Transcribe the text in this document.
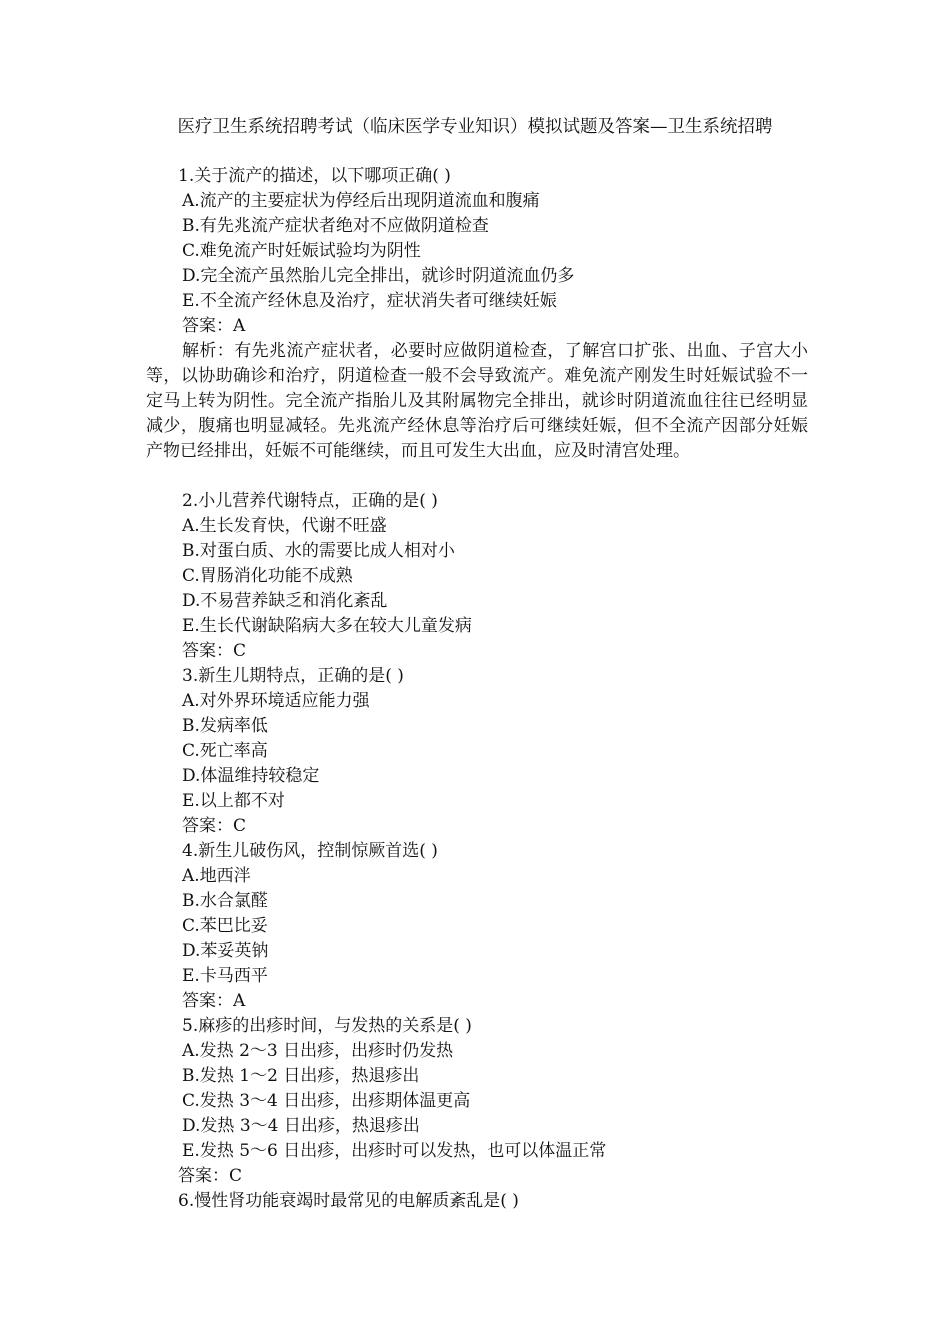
医疗卫生系统招聘考试（临床医学专业知识）模拟试题及答案—卫生系统招聘
1.关于流产的描述，以下哪项正确( )
A.流产的主要症状为停经后出现阴道流血和腹痛
B.有先兆流产症状者绝对不应做阴道检查
C.难免流产时妊娠试验均为阴性
D.完全流产虽然胎儿完全排出，就诊时阴道流血仍多
E.不全流产经休息及治疗，症状消失者可继续妊娠
答案：A
解析：有先兆流产症状者，必要时应做阴道检查，了解宫口扩张、出血、子宫大小等，以协助确诊和治疗，阴道检查一般不会导致流产。难免流产刚发生时妊娠试验不一定马上转为阴性。完全流产指胎儿及其附属物完全排出，就诊时阴道流血往往已经明显减少，腹痛也明显减轻。先兆流产经休息等治疗后可继续妊娠，但不全流产因部分妊娠产物已经排出，妊娠不可能继续，而且可发生大出血，应及时清宫处理。
2.小儿营养代谢特点，正确的是( )
A.生长发育快，代谢不旺盛
B.对蛋白质、水的需要比成人相对小
C.胃肠消化功能不成熟
D.不易营养缺乏和消化紊乱
E.生长代谢缺陷病大多在较大儿童发病
答案：C
3.新生儿期特点，正确的是( )
A.对外界环境适应能力强
B.发病率低
C.死亡率高
D.体温维持较稳定
E.以上都不对
答案：C
4.新生儿破伤风，控制惊厥首选( )
A.地西泮
B.水合氯醛
C.苯巴比妥
D.苯妥英钠
E.卡马西平
答案：A
5.麻疹的出疹时间，与发热的关系是( )
A.发热 2～3 日出疹，出疹时仍发热
B.发热 1～2 日出疹，热退疹出
C.发热 3～4 日出疹，出疹期体温更高
D.发热 3～4 日出疹，热退疹出
E.发热 5～6 日出疹，出疹时可以发热，也可以体温正常
答案：C
6.慢性肾功能衰竭时最常见的电解质紊乱是( )
